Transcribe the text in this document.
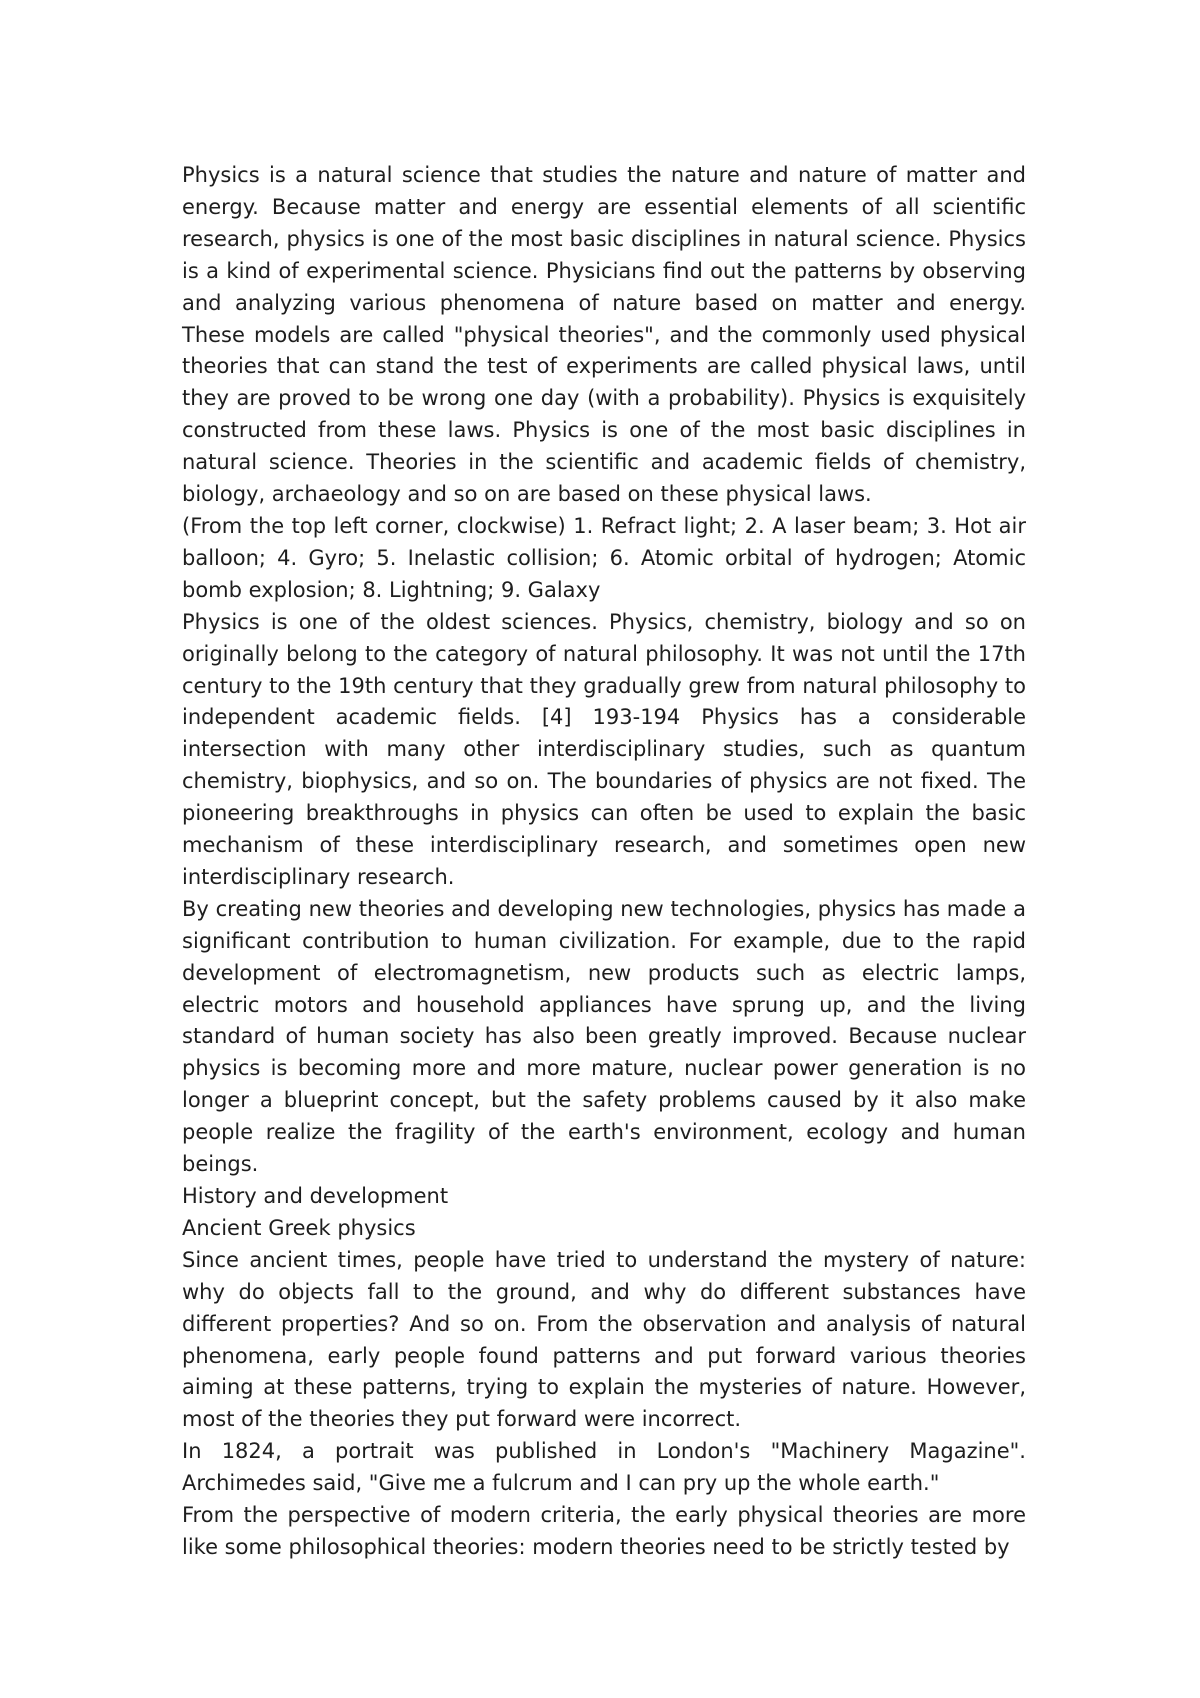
Physics is a natural science that studies the nature and nature of matter and energy. Because matter and energy are essential elements of all scientific research, physics is one of the most basic disciplines in natural science. Physics is a kind of experimental science. Physicians find out the patterns by observing and analyzing various phenomena of nature based on matter and energy. These models are called "physical theories", and the commonly used physical theories that can stand the test of experiments are called physical laws, until they are proved to be wrong one day (with a probability). Physics is exquisitely constructed from these laws. Physics is one of the most basic disciplines in natural science. Theories in the scientific and academic fields of chemistry, biology, archaeology and so on are based on these physical laws.

(From the top left corner, clockwise) 1. Refract light; 2. A laser beam; 3. Hot air balloon; 4. Gyro; 5. Inelastic collision; 6. Atomic orbital of hydrogen; Atomic bomb explosion; 8. Lightning; 9. Galaxy

Physics is one of the oldest sciences. Physics, chemistry, biology and so on originally belong to the category of natural philosophy. It was not until the 17th century to the 19th century that they gradually grew from natural philosophy to independent academic fields. [4] 193-194 Physics has a considerable intersection with many other interdisciplinary studies, such as quantum chemistry, biophysics, and so on. The boundaries of physics are not fixed. The pioneering breakthroughs in physics can often be used to explain the basic mechanism of these interdisciplinary research, and sometimes open new interdisciplinary research.

By creating new theories and developing new technologies, physics has made a significant contribution to human civilization. For example, due to the rapid development of electromagnetism, new products such as electric lamps, electric motors and household appliances have sprung up, and the living standard of human society has also been greatly improved. Because nuclear physics is becoming more and more mature, nuclear power generation is no longer a blueprint concept, but the safety problems caused by it also make people realize the fragility of the earth's environment, ecology and human beings.

History and development

Ancient Greek physics

Since ancient times, people have tried to understand the mystery of nature: why do objects fall to the ground, and why do different substances have different properties? And so on. From the observation and analysis of natural phenomena, early people found patterns and put forward various theories aiming at these patterns, trying to explain the mysteries of nature. However, most of the theories they put forward were incorrect.

In 1824, a portrait was published in London's "Machinery Magazine". Archimedes said, "Give me a fulcrum and I can pry up the whole earth."

From the perspective of modern criteria, the early physical theories are more like some philosophical theories: modern theories need to be strictly tested by
